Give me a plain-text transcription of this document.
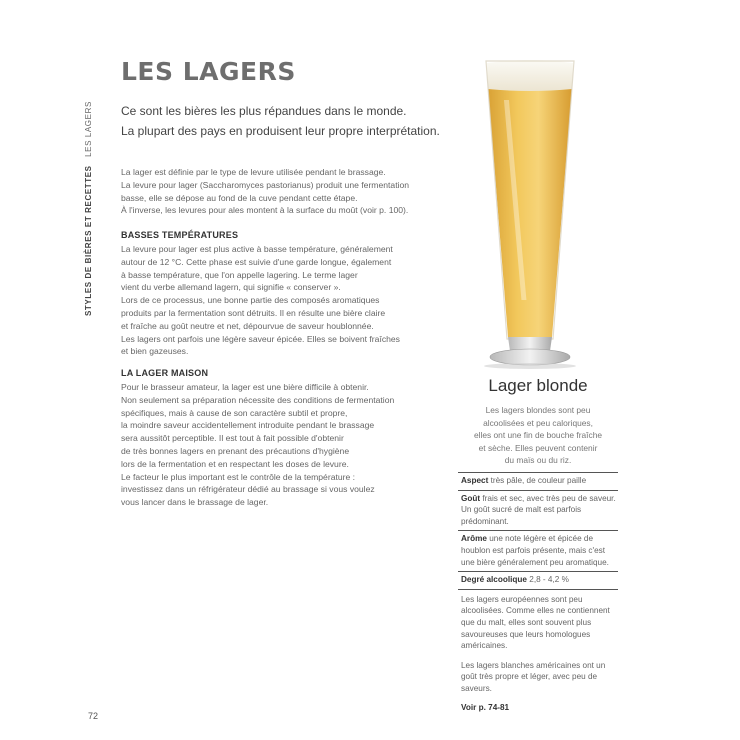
STYLES DE BIÈRES ET RECETTES   LES LAGERS
LES LAGERS
Ce sont les bières les plus répandues dans le monde.
La plupart des pays en produisent leur propre interprétation.
La lager est définie par le type de levure utilisée pendant le brassage.
La levure pour lager (Saccharomyces pastorianus) produit une fermentation
basse, elle se dépose au fond de la cuve pendant cette étape.
À l'inverse, les levures pour ales montent à la surface du moût (voir p. 100).
BASSES TEMPÉRATURES
La levure pour lager est plus active à basse température, généralement
autour de 12 °C. Cette phase est suivie d'une garde longue, également
à basse température, que l'on appelle lagering. Le terme lager
vient du verbe allemand lagern, qui signifie « conserver ».
Lors de ce processus, une bonne partie des composés aromatiques
produits par la fermentation sont détruits. Il en résulte une bière claire
et fraîche au goût neutre et net, dépourvue de saveur houblonnée.
Les lagers ont parfois une légère saveur épicée. Elles se boivent fraîches
et bien gazeuses.
LA LAGER MAISON
Pour le brasseur amateur, la lager est une bière difficile à obtenir.
Non seulement sa préparation nécessite des conditions de fermentation
spécifiques, mais à cause de son caractère subtil et propre,
la moindre saveur accidentellement introduite pendant le brassage
sera aussitôt perceptible. Il est tout à fait possible d'obtenir
de très bonnes lagers en prenant des précautions d'hygiène
lors de la fermentation et en respectant les doses de levure.
Le facteur le plus important est le contrôle de la température :
investissez dans un réfrigérateur dédié au brassage si vous voulez
vous lancer dans le brassage de lager.
Lager blonde
Les lagers blondes sont peu
alcoolisées et peu caloriques,
elles ont une fin de bouche fraîche
et sèche. Elles peuvent contenir
du maïs ou du riz.
Aspect très pâle, de couleur paille
Goût frais et sec, avec très peu de saveur. Un goût sucré de malt est parfois prédominant.
Arôme une note légère et épicée de houblon est parfois présente, mais c'est une bière généralement peu aromatique.
Degré alcoolique 2,8 - 4,2 %

Les lagers européennes sont peu alcoolisées. Comme elles ne contiennent que du malt, elles sont souvent plus savoureuses que leurs homologues américaines.

Les lagers blanches américaines ont un goût très propre et léger, avec peu de saveurs.

Voir p. 74-81
72
